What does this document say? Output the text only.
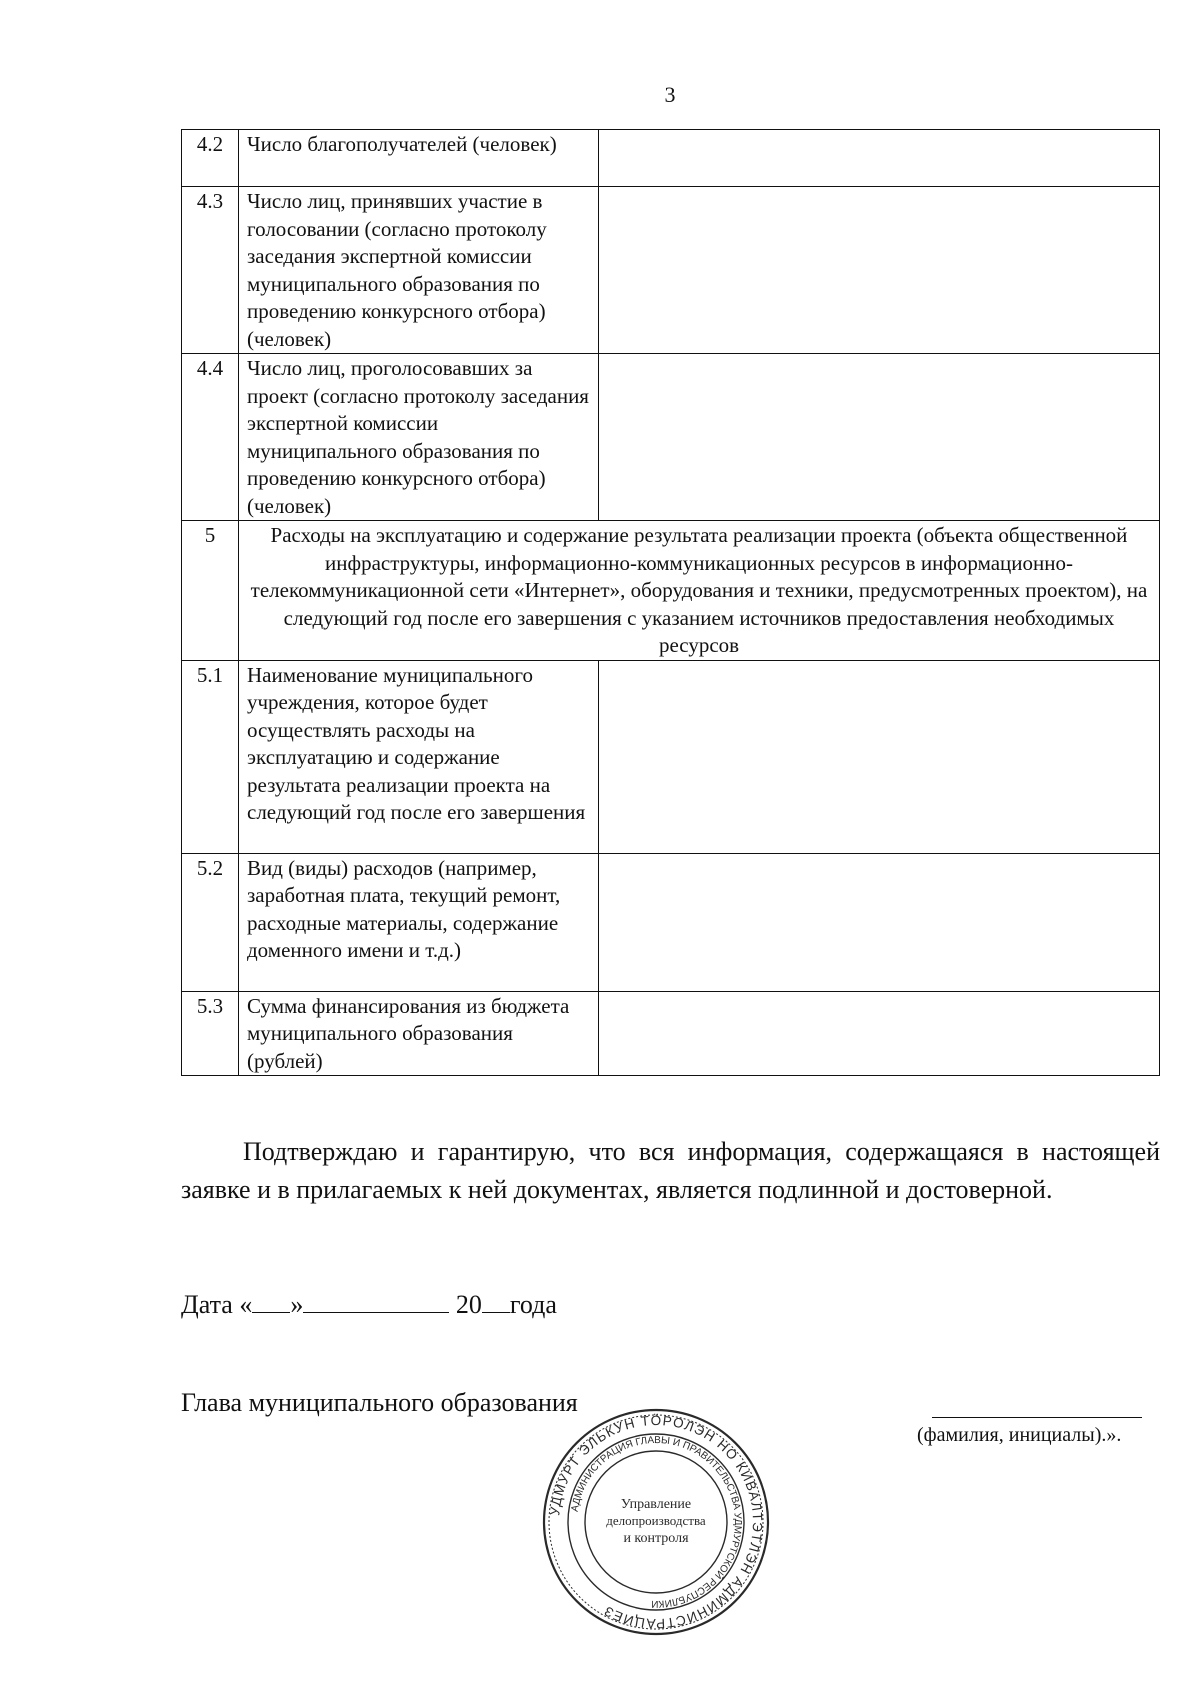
3
4.2	Число благополучателей (человек)	
4.3	Число лиц, принявших участие в голосовании (согласно протоколу заседания экспертной комиссии муниципального образования по проведению конкурсного отбора) (человек)	
4.4	Число лиц, проголосовавших за проект (согласно протоколу заседания экспертной комиссии муниципального образования по проведению конкурсного отбора) (человек)	
5	Расходы на эксплуатацию и содержание результата реализации проекта (объекта общественной инфраструктуры, информационно-коммуникационных ресурсов в информационно-телекоммуникационной сети «Интернет», оборудования и техники, предусмотренных проектом), на следующий год после его завершения с указанием источников предоставления необходимых ресурсов	
5.1	Наименование муниципального учреждения, которое будет осуществлять расходы на эксплуатацию и содержание результата реализации проекта на следующий год после его завершения	
5.2	Вид (виды) расходов (например, заработная плата, текущий ремонт, расходные материалы, содержание доменного имени и т.д.)	
5.3	Сумма финансирования из бюджета муниципального образования (рублей)	

Подтверждаю и гарантирую, что вся информация, содержащаяся в настоящей заявке и в прилагаемых к ней документах, является подлинной и достоверной.

Дата « »	20 года
Глава муниципального образования
(фамилия, инициалы).».
УДМУРТ ЭЛЬКУН ТӦРОЛЭН НО КИВАЛТЭТЛЭН АДМИНИСТРАЦИЕЗ
АДМИНИСТРАЦИЯ ГЛАВЫ И ПРАВИТЕЛЬСТВА УДМУРТСКОЙ РЕСПУБЛИКИ
Управление
делопроизводства
и контроля
